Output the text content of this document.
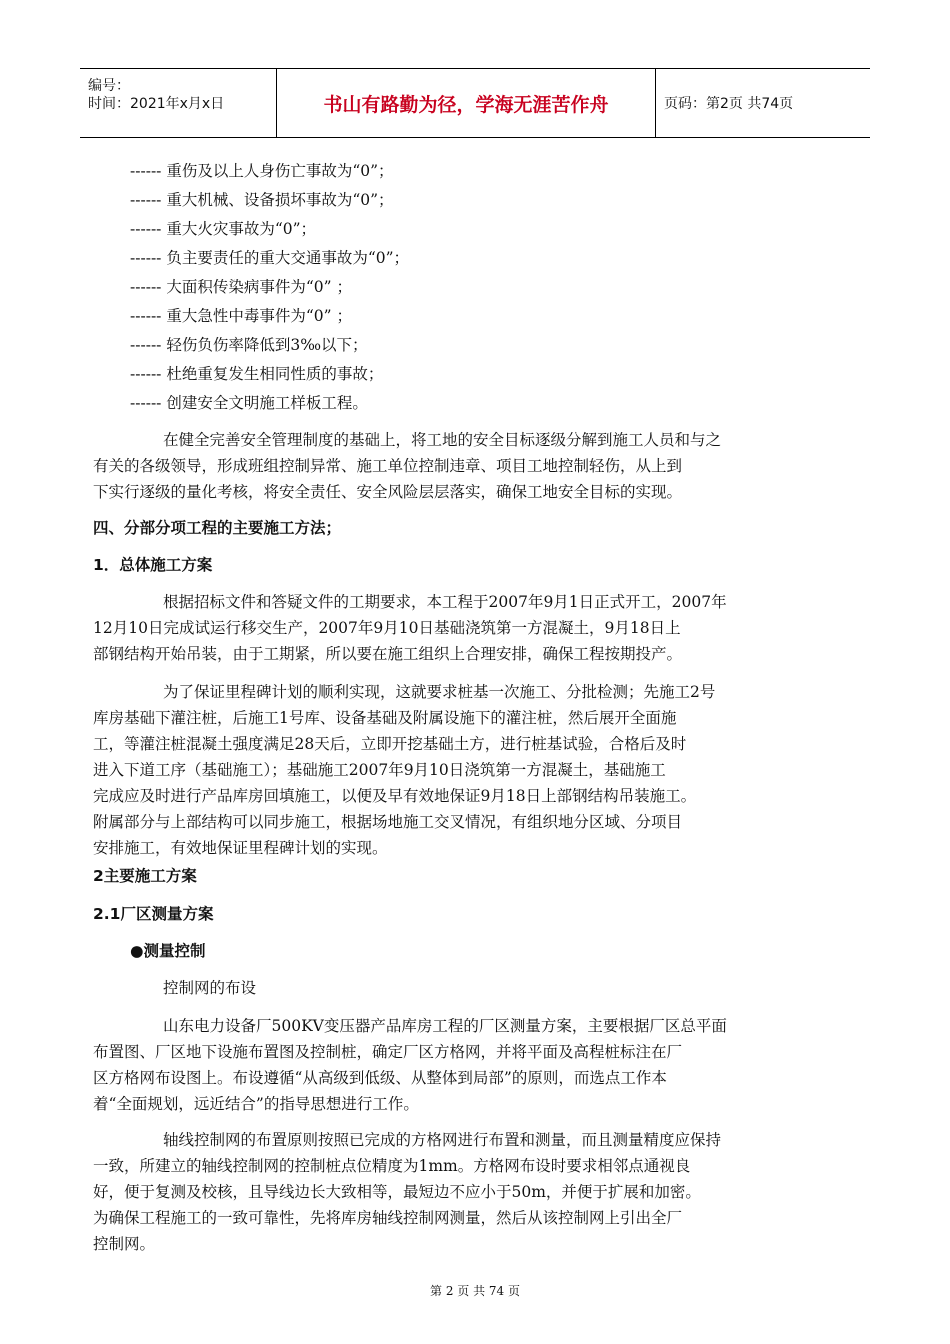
编号：
时间：2021年x月x日	书山有路勤为径，学海无涯苦作舟	页码：第2页 共74页
------ 重伤及以上人身伤亡事故为“0”；
------ 重大机械、设备损坏事故为“0”；
------ 重大火灾事故为“0”；
------ 负主要责任的重大交通事故为“0”；
------ 大面积传染病事件为“0” ；
------ 重大急性中毒事件为“0” ；
------ 轻伤负伤率降低到3‰以下；
------ 杜绝重复发生相同性质的事故；
------ 创建安全文明施工样板工程。
在健全完善安全管理制度的基础上，将工地的安全目标逐级分解到施工人员和与之
有关的各级领导，形成班组控制异常、施工单位控制违章、项目工地控制轻伤，从上到
下实行逐级的量化考核，将安全责任、安全风险层层落实，确保工地安全目标的实现。
四、分部分项工程的主要施工方法；
1．总体施工方案
根据招标文件和答疑文件的工期要求，本工程于2007年9月1日正式开工，2007年
12月10日完成试运行移交生产，2007年9月10日基础浇筑第一方混凝土，9月18日上
部钢结构开始吊装，由于工期紧，所以要在施工组织上合理安排，确保工程按期投产。
为了保证里程碑计划的顺利实现，这就要求桩基一次施工、分批检测；先施工2号
库房基础下灌注桩，后施工1号库、设备基础及附属设施下的灌注桩，然后展开全面施
工，等灌注桩混凝土强度满足28天后，立即开挖基础土方，进行桩基试验，合格后及时
进入下道工序（基础施工）；基础施工2007年9月10日浇筑第一方混凝土，基础施工
完成应及时进行产品库房回填施工，以便及早有效地保证9月18日上部钢结构吊装施工。
附属部分与上部结构可以同步施工，根据场地施工交叉情况，有组织地分区域、分项目
安排施工，有效地保证里程碑计划的实现。
2主要施工方案
2.1厂区测量方案
●测量控制
控制网的布设
山东电力设备厂500KV变压器产品库房工程的厂区测量方案，主要根据厂区总平面
布置图、厂区地下设施布置图及控制桩，确定厂区方格网，并将平面及高程桩标注在厂
区方格网布设图上。布设遵循“从高级到低级、从整体到局部”的原则，而选点工作本
着“全面规划，远近结合”的指导思想进行工作。
轴线控制网的布置原则按照已完成的方格网进行布置和测量，而且测量精度应保持
一致，所建立的轴线控制网的控制桩点位精度为1mm。方格网布设时要求相邻点通视良
好，便于复测及校核，且导线边长大致相等，最短边不应小于50m，并便于扩展和加密。
为确保工程施工的一致可靠性，先将库房轴线控制网测量，然后从该控制网上引出全厂
控制网。
第 2 页 共 74 页
